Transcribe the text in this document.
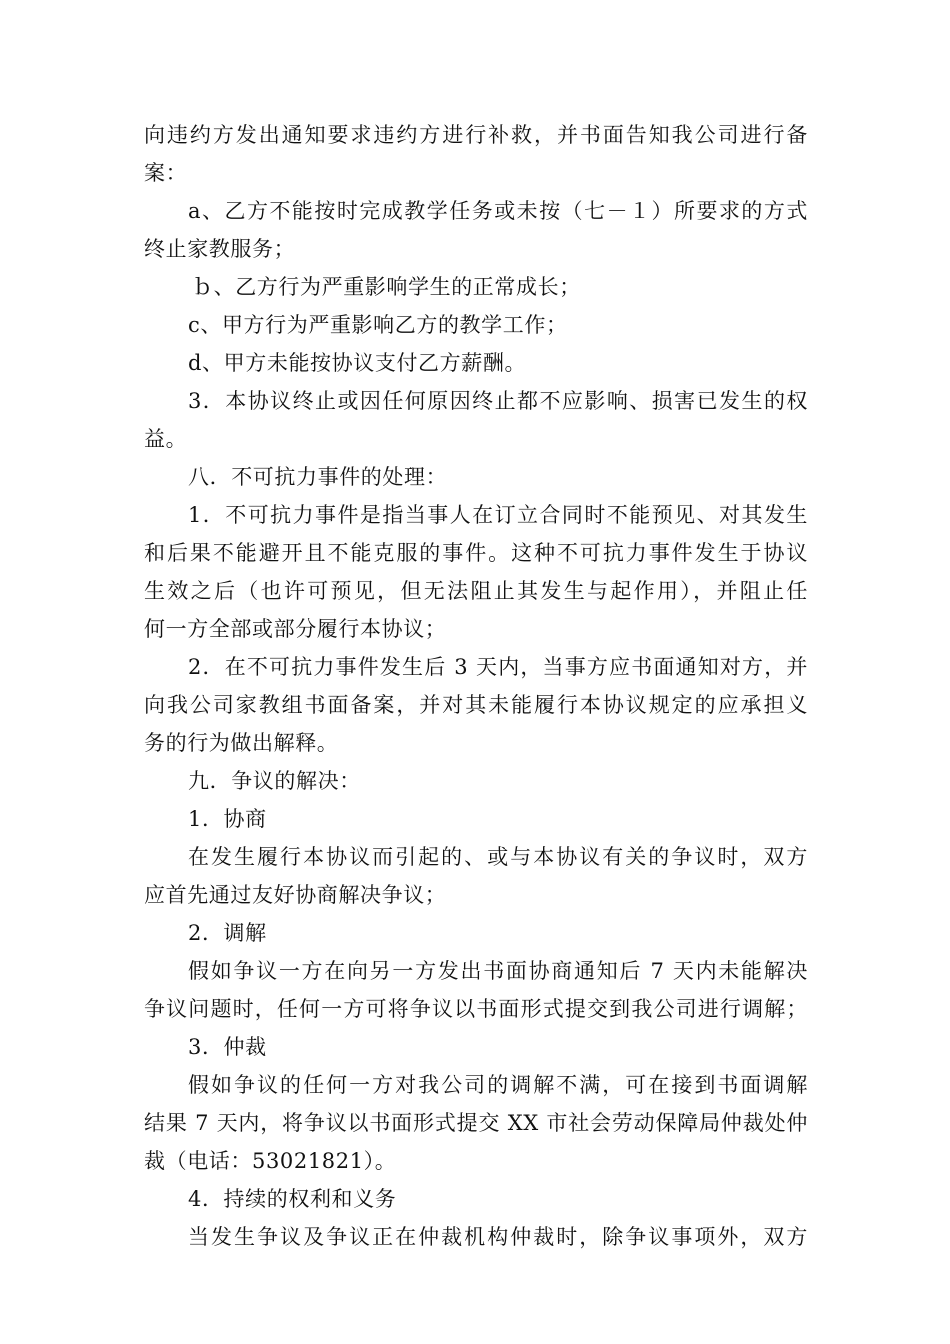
向违约方发出通知要求违约方进行补救，并书面告知我公司进行备
案：
a、乙方不能按时完成教学任务或未按（七－１）所要求的方式
终止家教服务；
ｂ、乙方行为严重影响学生的正常成长；
c、甲方行为严重影响乙方的教学工作；
d、甲方未能按协议支付乙方薪酬。
3．本协议终止或因任何原因终止都不应影响、损害已发生的权
益。
八．不可抗力事件的处理：
1．不可抗力事件是指当事人在订立合同时不能预见、对其发生
和后果不能避开且不能克服的事件。这种不可抗力事件发生于协议
生效之后（也许可预见，但无法阻止其发生与起作用），并阻止任
何一方全部或部分履行本协议；
2．在不可抗力事件发生后 3 天内，当事方应书面通知对方，并
向我公司家教组书面备案，并对其未能履行本协议规定的应承担义
务的行为做出解释。
九．争议的解决：
1．协商
在发生履行本协议而引起的、或与本协议有关的争议时，双方
应首先通过友好协商解决争议；
2．调解
假如争议一方在向另一方发出书面协商通知后 7 天内未能解决
争议问题时，任何一方可将争议以书面形式提交到我公司进行调解；
3．仲裁
假如争议的任何一方对我公司的调解不满，可在接到书面调解
结果 7 天内，将争议以书面形式提交 XX 市社会劳动保障局仲裁处仲
裁（电话：53021821）。
4．持续的权利和义务
当发生争议及争议正在仲裁机构仲裁时，除争议事项外，双方
